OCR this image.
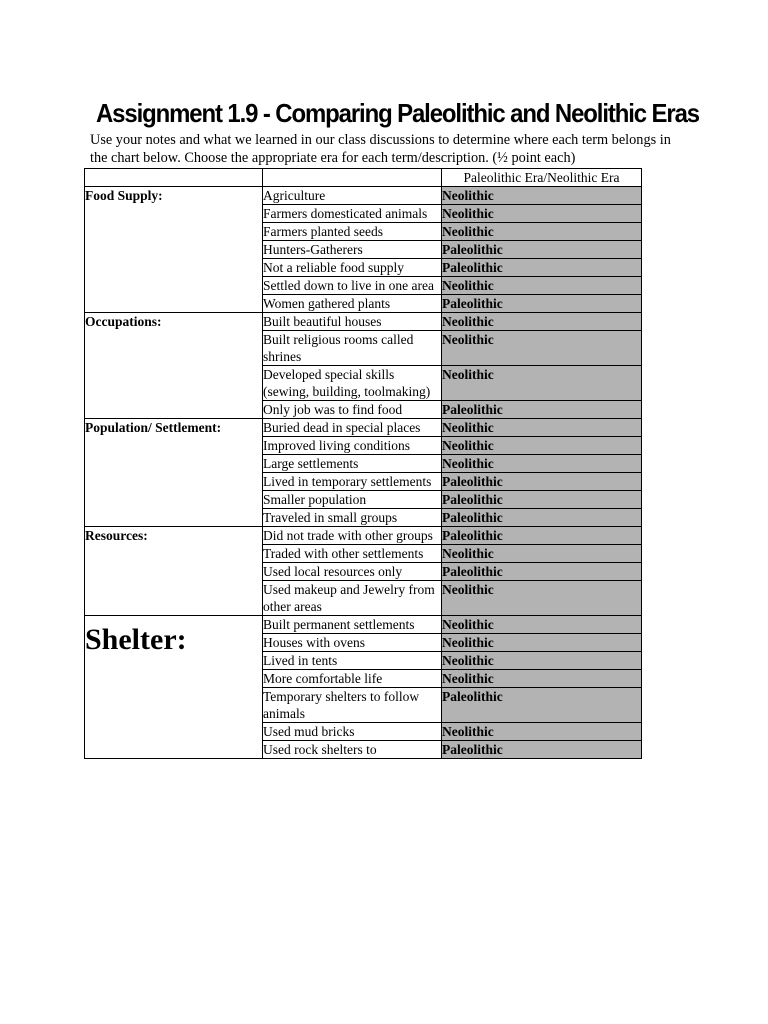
Assignment 1.9 - Comparing Paleolithic and Neolithic Eras
Use your notes and what we learned in our class discussions to determine where each term belongs in the chart below. Choose the appropriate era for each term/description. (½ point each)
		Paleolithic Era/Neolithic Era
Food Supply:	Agriculture	Neolithic
	Farmers domesticated animals	Neolithic
	Farmers planted seeds	Neolithic
	Hunters-Gatherers	Paleolithic
	Not a reliable food supply	Paleolithic
	Settled down to live in one area	Neolithic
	Women gathered plants	Paleolithic
Occupations:	Built beautiful houses	Neolithic
	Built religious rooms called shrines	Neolithic
	Developed special skills (sewing, building, toolmaking)	Neolithic
	Only job was to find food	Paleolithic
Population/ Settlement:	Buried dead in special places	Neolithic
	Improved living conditions	Neolithic
	Large settlements	Neolithic
	Lived in temporary settlements	Paleolithic
	Smaller population	Paleolithic
	Traveled in small groups	Paleolithic
Resources:	Did not trade with other groups	Paleolithic
	Traded with other settlements	Neolithic
	Used local resources only	Paleolithic
	Used makeup and Jewelry from other areas	Neolithic
Shelter:	Built permanent settlements	Neolithic
	Houses with ovens	Neolithic
	Lived in tents	Neolithic
	More comfortable life	Neolithic
	Temporary shelters to follow animals	Paleolithic
	Used mud bricks	Neolithic
	Used rock shelters to	Paleolithic
